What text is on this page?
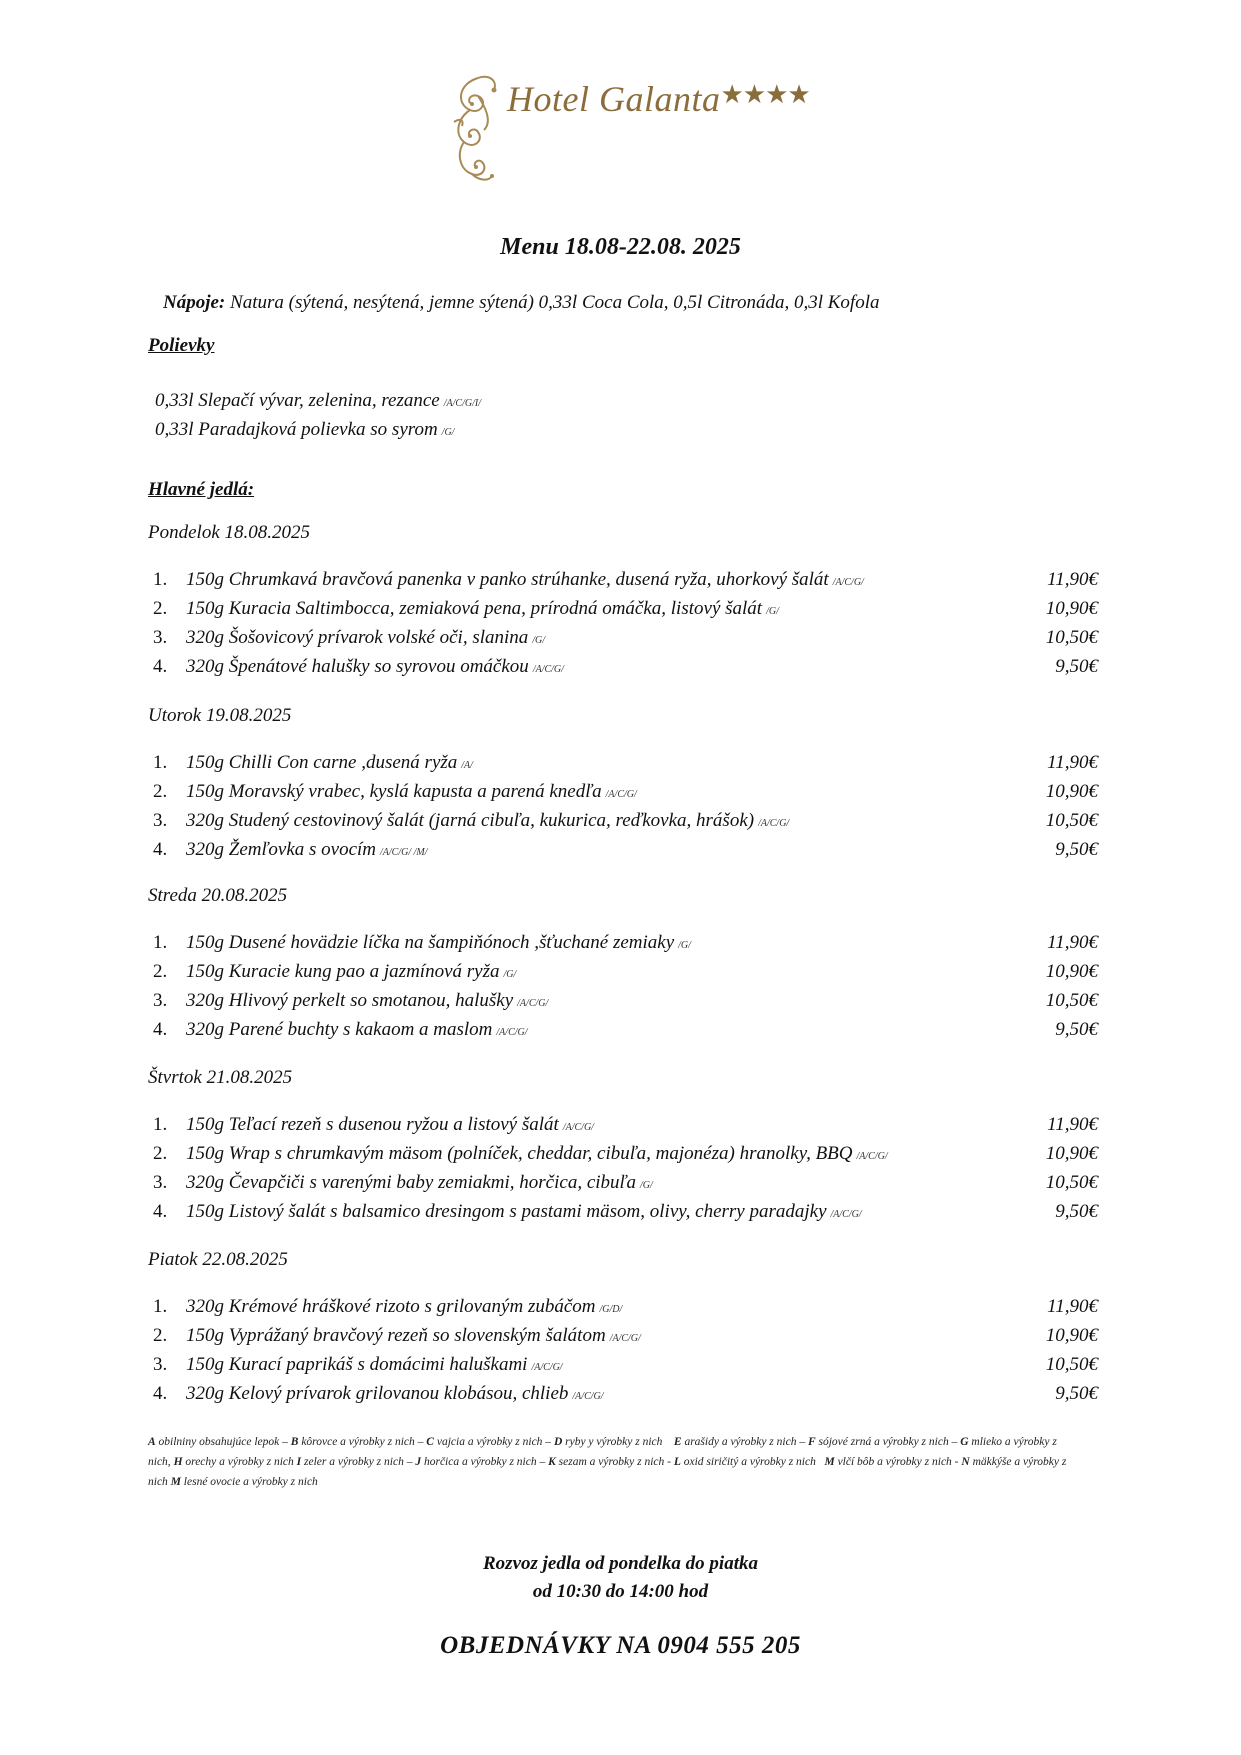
Hotel Galanta★★★★
Menu 18.08-22.08. 2025
Nápoje: Natura (sýtená, nesýtená, jemne sýtená) 0,33l Coca Cola, 0,5l Citronáda, 0,3l Kofola
Polievky
0,33l Slepačí vývar, zelenina, rezance /A/C/G/I/
0,33l Paradajková polievka so syrom /G/
Hlavné jedlá:
Pondelok 18.08.2025
1. 150g Chrumkavá bravčová panenka v panko strúhanke, dusená ryža, uhorkový šalát /A/C/G/	11,90€
2. 150g Kuracia Saltimbocca, zemiaková pena, prírodná omáčka, listový šalát /G/	10,90€
3. 320g Šošovicový prívarok volské oči, slanina /G/	10,50€
4. 320g Špenátové halušky so syrovou omáčkou /A/C/G/	9,50€
Utorok 19.08.2025
1. 150g Chilli Con carne ,dusená ryža /A/	11,90€
2. 150g Moravský vrabec, kyslá kapusta a parená knedľa /A/C/G/	10,90€
3. 320g Studený cestovinový šalát (jarná cibuľa, kukurica, reďkovka, hrášok) /A/C/G/	10,50€
4. 320g Žemľovka s ovocím /A/C/G/ /M/	9,50€
Streda 20.08.2025
1. 150g Dusené hovädzie líčka na šampiňónoch ,šťuchané zemiaky /G/	11,90€
2. 150g Kuracie kung pao a jazmínová ryža /G/	10,90€
3. 320g Hlivový perkelt so smotanou, halušky /A/C/G/	10,50€
4. 320g Parené buchty s kakaom a maslom /A/C/G/	9,50€
Štvrtok 21.08.2025
1. 150g Teľací rezeň s dusenou ryžou a listový šalát /A/C/G/	11,90€
2. 150g Wrap s chrumkavým mäsom (polníček, cheddar, cibuľa, majonéza) hranolky, BBQ /A/C/G/	10,90€
3. 320g Čevapčiči s varenými baby zemiakmi, horčica, cibuľa /G/	10,50€
4. 150g Listový šalát s balsamico dresingom s pastami mäsom, olivy, cherry paradajky /A/C/G/	9,50€
Piatok 22.08.2025
1. 320g Krémové hráškové rizoto s grilovaným zubáčom /G/D/	11,90€
2. 150g Vyprážaný bravčový rezeň so slovenským šalátom /A/C/G/	10,90€
3. 150g Kurací paprikáš s domácimi haluškami /A/C/G/	10,50€
4. 320g Kelový prívarok grilovanou klobásou, chlieb /A/C/G/	9,50€
A obilniny obsahujúce lepok – B kôrovce a výrobky z nich – C vajcia a výrobky z nich – D ryby y výrobky z nich    E arašidy a výrobky z nich – F sójové zrná a výrobky z nich – G mlieko a výrobky z nich, H orechy a výrobky z nich I zeler a výrobky z nich – J horčica a výrobky z nich – K sezam a výrobky z nich - L oxid siričitý a výrobky z nich   M vlčí bôb a výrobky z nich - N mäkkýše a výrobky z nich M lesné ovocie a výrobky z nich
Rozvoz jedla od pondelka do piatka
od 10:30 do 14:00 hod
OBJEDNÁVKY NA 0904 555 205
